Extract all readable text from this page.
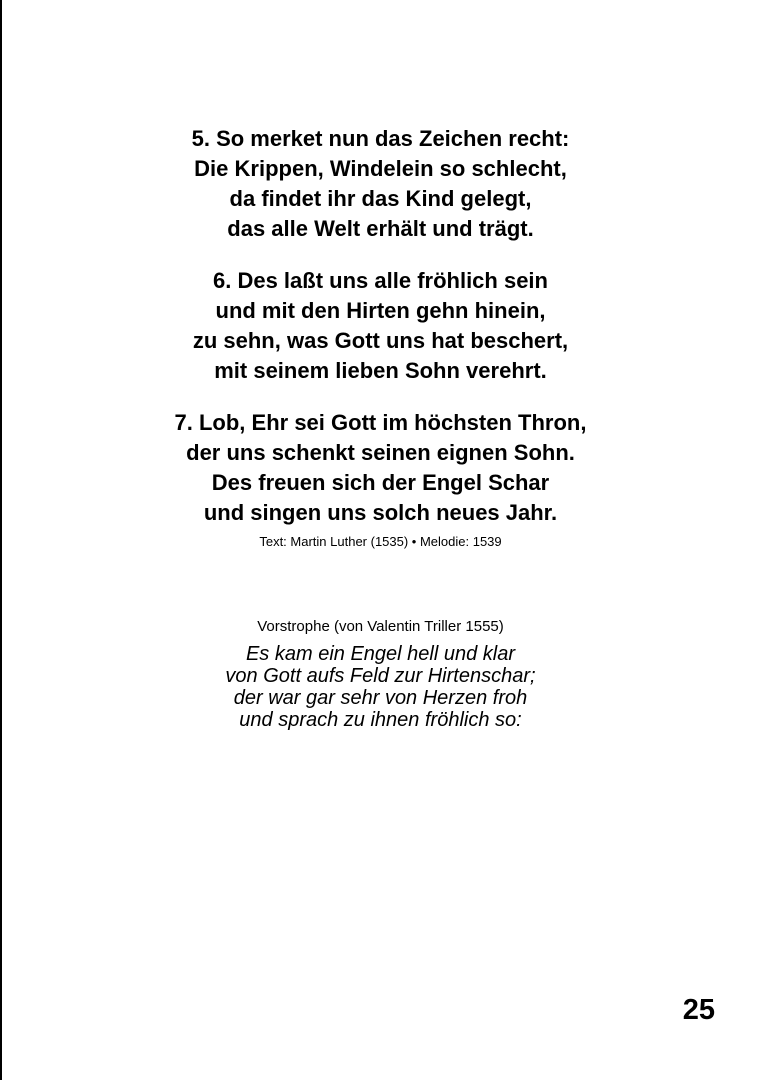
5. So merket nun das Zeichen recht:
Die Krippen, Windelein so schlecht,
da findet ihr das Kind gelegt,
das alle Welt erhält und trägt.
6. Des laßt uns alle fröhlich sein
und mit den Hirten gehn hinein,
zu sehn, was Gott uns hat beschert,
mit seinem lieben Sohn verehrt.
7. Lob, Ehr sei Gott im höchsten Thron,
der uns schenkt seinen eignen Sohn.
Des freuen sich der Engel Schar
und singen uns solch neues Jahr.
Text: Martin Luther (1535) • Melodie: 1539
Vorstrophe (von Valentin Triller 1555)
Es kam ein Engel hell und klar
von Gott aufs Feld zur Hirtenschar;
der war gar sehr von Herzen froh
und sprach zu ihnen fröhlich so:
25
